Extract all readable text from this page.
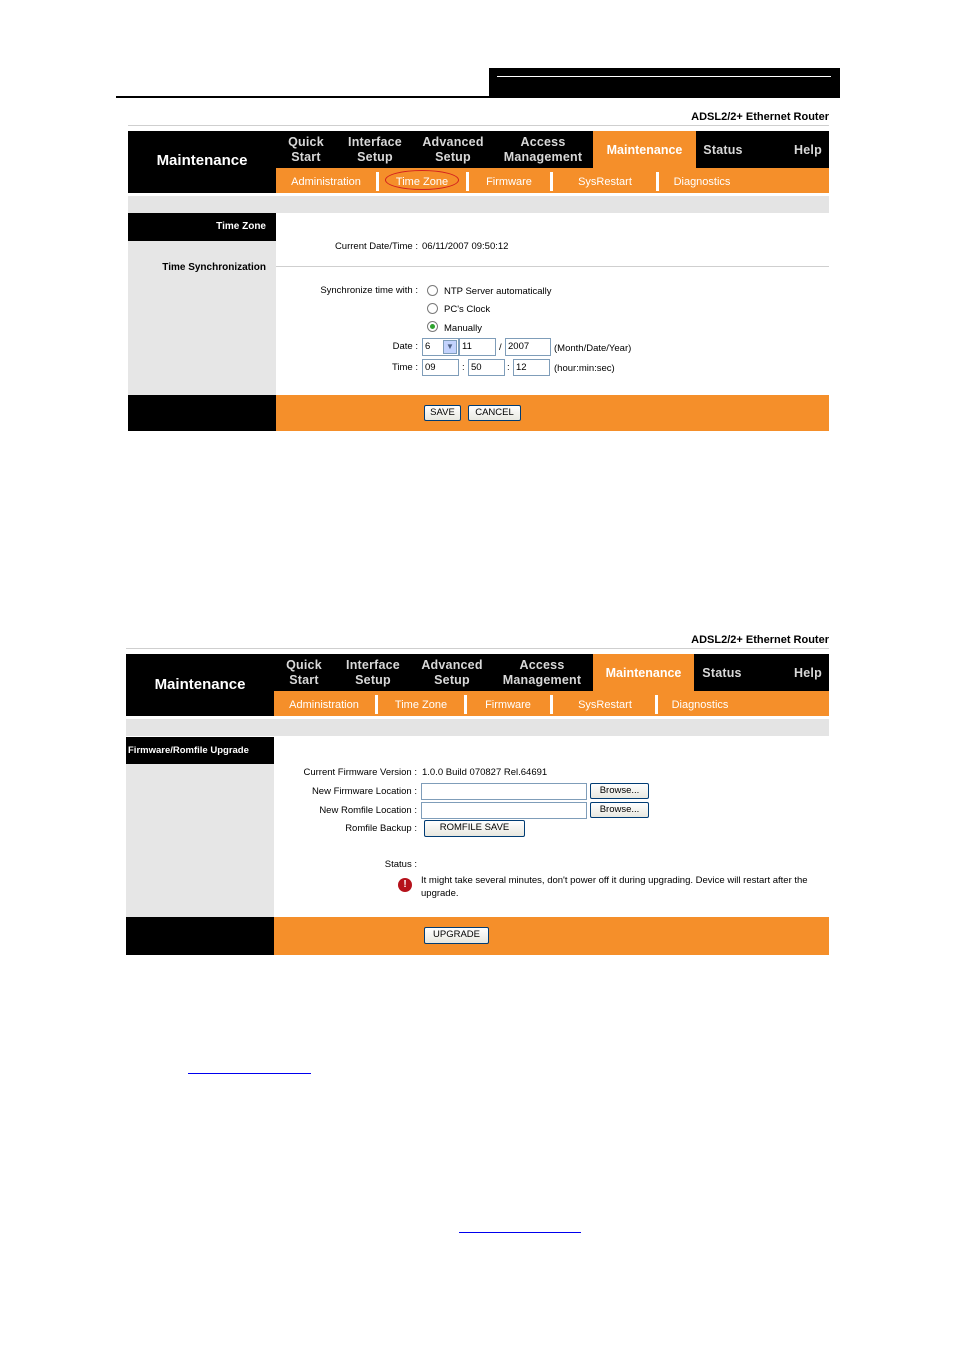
ADSL2/2+ Ethernet Router
Maintenance
Quick
Start
Interface
Setup
Advanced
Setup
Access
Management	Maintenance	Status	Help
Administration	Time Zone	Firmware	SysRestart	Diagnostics
Time Zone
Time Synchronization
Current Date/Time : 06/11/2007 09:50:12
Synchronize time with :	NTP Server automatically
PC's Clock
Manually
Date : 6	▼ 11	/ 2007	(Month/Date/Year)
Time : 09	: 50	: 12	(hour:min:sec)
SAVE	CANCEL
ADSL2/2+ Ethernet Router
Maintenance
Quick
Start
Interface
Setup
Advanced
Setup
Access
Management	Maintenance	Status	Help
Administration	Time Zone	Firmware	SysRestart	Diagnostics
Firmware/Romfile Upgrade
Current Firmware Version : 1.0.0 Build 070827 Rel.64691
New Firmware Location :	Browse...
New Romfile Location :	Browse...
Romfile Backup :	ROMFILE SAVE
Status :
!	It might take several minutes, don't power off it during upgrading. Device will restart after the upgrade.
UPGRADE
